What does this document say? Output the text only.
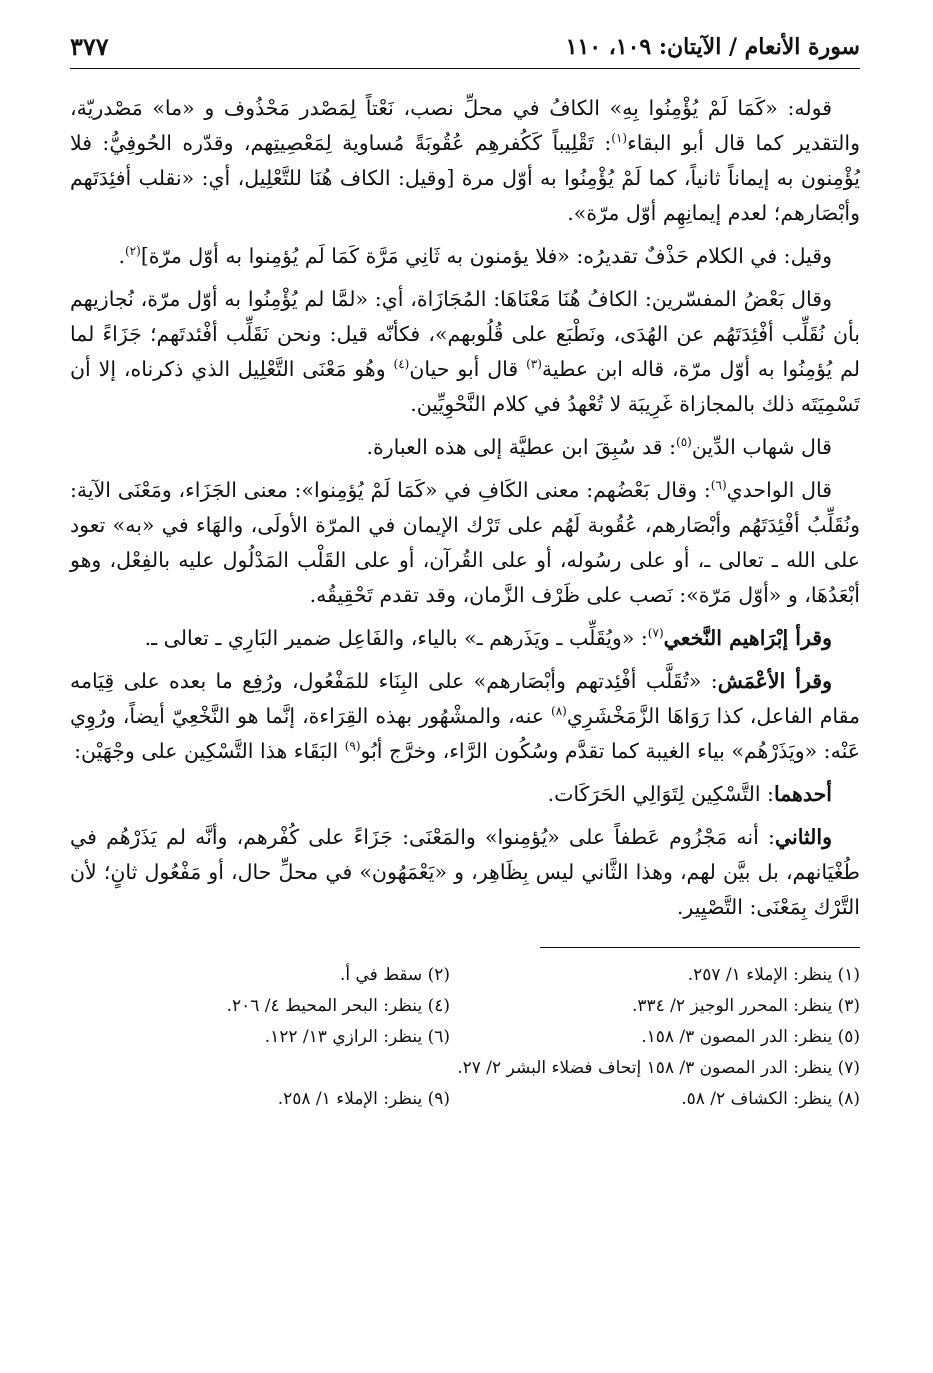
سورة الأنعام / الآيتان: ١٠٩، ١١٠
٣٧٧

قوله: «كَمَا لَمْ يُؤْمِنُوا بِهِ» الكافُ في محلِّ نصب، نَعْتاً لِمَصْدر مَحْذُوف و «ما» مَصْدريّة، والتقدير كما قال أبو البقاء$^{(١)}$: تَقْلِيباً كَكُفرهِم عُقُوبَةً مُساوية لِمَعْصِيتِهم، وقدّره الحُوفِيُّ: فلا يُؤْمِنون به إيماناً ثانياً، كما لَمْ يُؤْمِنُوا به أوّل مرة [وقيل: الكاف هُنَا للتَّعْلِيل، أي: «نقلب أفئِدَتَهم وأبْصَارهم؛ لعدم إيمانِهِم أوّل مرّة».

وقيل: في الكلام حَذْفٌ تقديرُه: «فلا يؤمنون به ثَانِي مَرَّة كَمَا لَم يُؤمِنوا به أوّل مرّة]$^{(٢)}$.

وقال بَعْضُ المفسّرين: الكافُ هُنَا مَعْنَاهَا: المُجَازَاة، أي: «لمَّا لم يُؤْمِنُوا به أوّل مرّة، نُجازيهم بأن نُقَلِّب أفْئِدَتَهُم عن الهُدَى، ونَطْبَع على قُلُوبهم»، فكأنّه قيل: ونحن نَقَلِّب أفْئدتَهم؛ جَزَاءً لما لم يُؤمِنُوا به أوّل مرّة، قاله ابن عطية$^{(٣)}$ قال أبو حيان$^{(٤)}$ وهُو مَعْنَى التَّعْلِيل الذي ذكرناه، إلا أن تَسْمِيَتَه ذلك بالمجازاة غَرِيبَة لا تُعْهدُ في كلام النَّحْوِيِّين.

قال شهاب الدِّين$^{(٥)}$: قد سُبِقَ ابن عطيَّة إلى هذه العبارة.

قال الواحدي$^{(٦)}$: وقال بَعْضُهم: معنى الكَافِ في «كَمَا لَمْ يُؤمِنوا»: معنى الجَزَاء، ومَعْنَى الآية: ونُقَلِّبُ أفْئِدَتَهُم وأبْصَارهم، عُقُوبة لَهُم على تَرْك الإيمان في المرّة الأولَى، والهَاء في «به» تعود على الله ـ تعالى ـ، أو على رسُوله، أو على القُرآن، أو على القَلْب المَدْلُول عليه بالفِعْل، وهو أبْعَدُهَا، و «أوّل مَرّة»: نَصب على ظَرْف الزَّمان، وقد تقدم تَحْقِيقُه.

وقرأ إبْرَاهيم النَّخعي$^{(٧)}$: «ويُقَلِّب ـ ويَذَرهم ـ» بالياء، والفَاعِل ضمير البَارِي ـ تعالى ـ.

وقرأ الأعْمَش: «تُقَلَّب أفْئِدتهم وأبْصَارهم» على البِنَاء للمَفْعُول، ورُفِع ما بعده على قِيَامه مقام الفاعل، كذا رَوَاهَا الزَّمَخْشَرِي$^{(٨)}$ عنه، والمشْهُور بهذه القِرَاءة، إنَّما هو النَّخْعِيّ أيضاً، ورُوِي عَنْه: «ويَذَرْهُم» بياء الغيبة كما تقدَّم وسُكُون الرَّاء، وخرَّج أبُو$^{(٩)}$ البَقَاء هذا التَّسْكِين على وجْهَيْن:

أحدهما: التَّسْكِين لِتَوَالِي الحَرَكَات.

والثاني: أنه مَجْزُوم عَطفاً على «يُؤمِنوا» والمَعْنَى: جَزَاءً على كُفْرهم، وأنَّه لم يَذَرْهُم في طُغْيَانهم، بل بيَّن لهم، وهذا الثَّاني ليس بِظَاهِر، و «يَعْمَهُون» في محلِّ حال، أو مَفْعُول ثانٍ؛ لأن التَّرْك بِمَعْنَى: التَّصْيِير.

(١) ينظر: الإملاء ١/ ٢٥٧.
(٢) سقط في أ.
(٣) ينظر: المحرر الوجيز ٢/ ٣٣٤.
(٤) ينظر: البحر المحيط ٤/ ٢٠٦.
(٥) ينظر: الدر المصون ٣/ ١٥٨.
(٦) ينظر: الرازي ١٣/ ١٢٢.
(٧) ينظر: الدر المصون ٣/ ١٥٨ إتحاف فضلاء البشر ٢/ ٢٧.
(٨) ينظر: الكشاف ٢/ ٥٨.
(٩) ينظر: الإملاء ١/ ٢٥٨.
